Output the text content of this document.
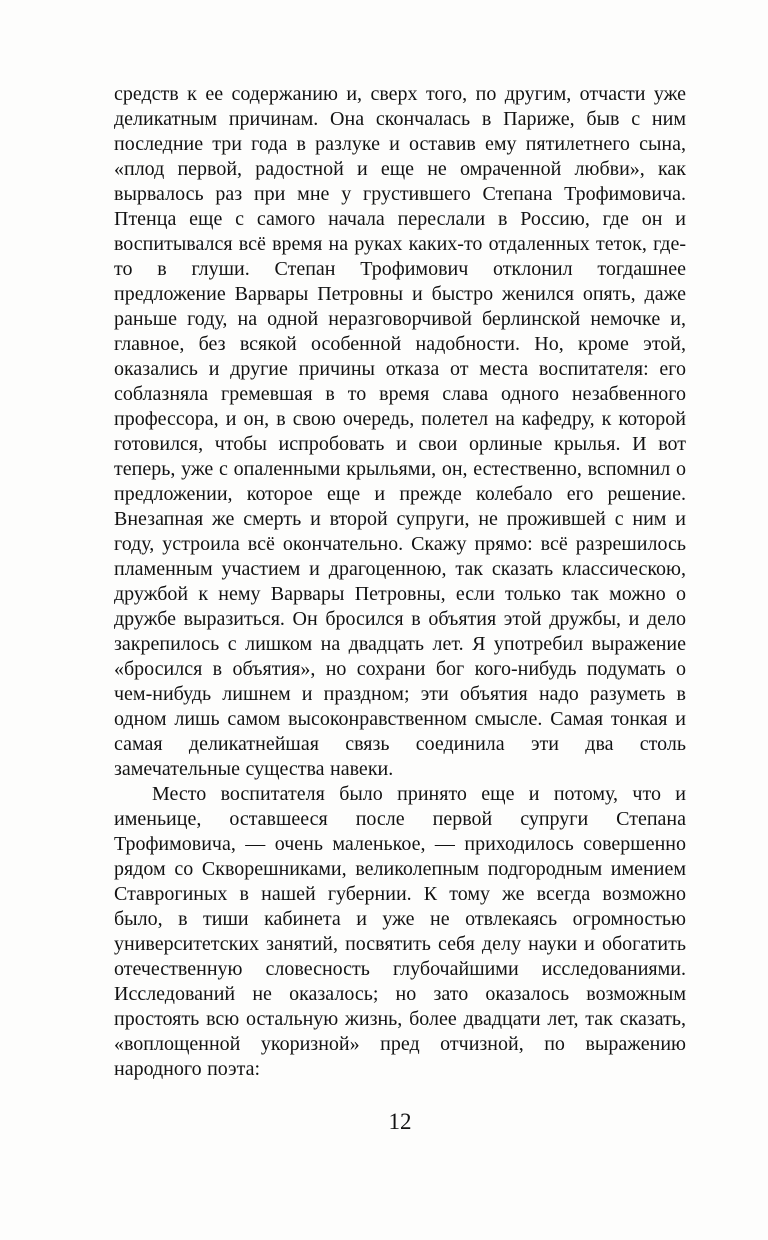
средств к ее содержанию и, сверх того, по другим, отчасти уже деликатным причинам. Она скончалась в Париже, быв с ним последние три года в разлуке и оставив ему пятилетнего сына, «плод первой, радостной и еще не омраченной любви», как вырвалось раз при мне у грустившего Степана Трофимовича. Птенца еще с самого начала переслали в Россию, где он и воспитывался всё время на руках каких-то отдаленных теток, где-то в глуши. Степан Трофимович отклонил тогдашнее предложение Варвары Петровны и быстро женился опять, даже раньше году, на одной неразговорчивой берлинской немочке и, главное, без всякой особенной надобности. Но, кроме этой, оказались и другие причины отказа от места воспитателя: его соблазняла гремевшая в то время слава одного незабвенного профессора, и он, в свою очередь, полетел на кафедру, к которой готовился, чтобы испробовать и свои орлиные крылья. И вот теперь, уже с опаленными крыльями, он, естественно, вспомнил о предложении, которое еще и прежде колебало его решение. Внезапная же смерть и второй супруги, не прожившей с ним и году, устроила всё окончательно. Скажу прямо: всё разрешилось пламенным участием и драгоценною, так сказать классическою, дружбой к нему Варвары Петровны, если только так можно о дружбе выразиться. Он бросился в объятия этой дружбы, и дело закрепилось с лишком на двадцать лет. Я употребил выражение «бросился в объятия», но сохрани бог кого-нибудь подумать о чем-нибудь лишнем и праздном; эти объятия надо разуметь в одном лишь самом высоконравственном смысле. Самая тонкая и самая деликатнейшая связь соединила эти два столь замечательные существа навеки.

Место воспитателя было принято еще и потому, что и именьице, оставшееся после первой супруги Степана Трофимовича, — очень маленькое, — приходилось совершенно рядом со Скворешниками, великолепным подгородным имением Ставрогиных в нашей губернии. К тому же всегда возможно было, в тиши кабинета и уже не отвлекаясь огромностью университетских занятий, посвятить себя делу науки и обогатить отечественную словесность глубочайшими исследованиями. Исследований не оказалось; но зато оказалось возможным простоять всю остальную жизнь, более двадцати лет, так сказать, «воплощенной укоризной» пред отчизной, по выражению народного поэта:

12
